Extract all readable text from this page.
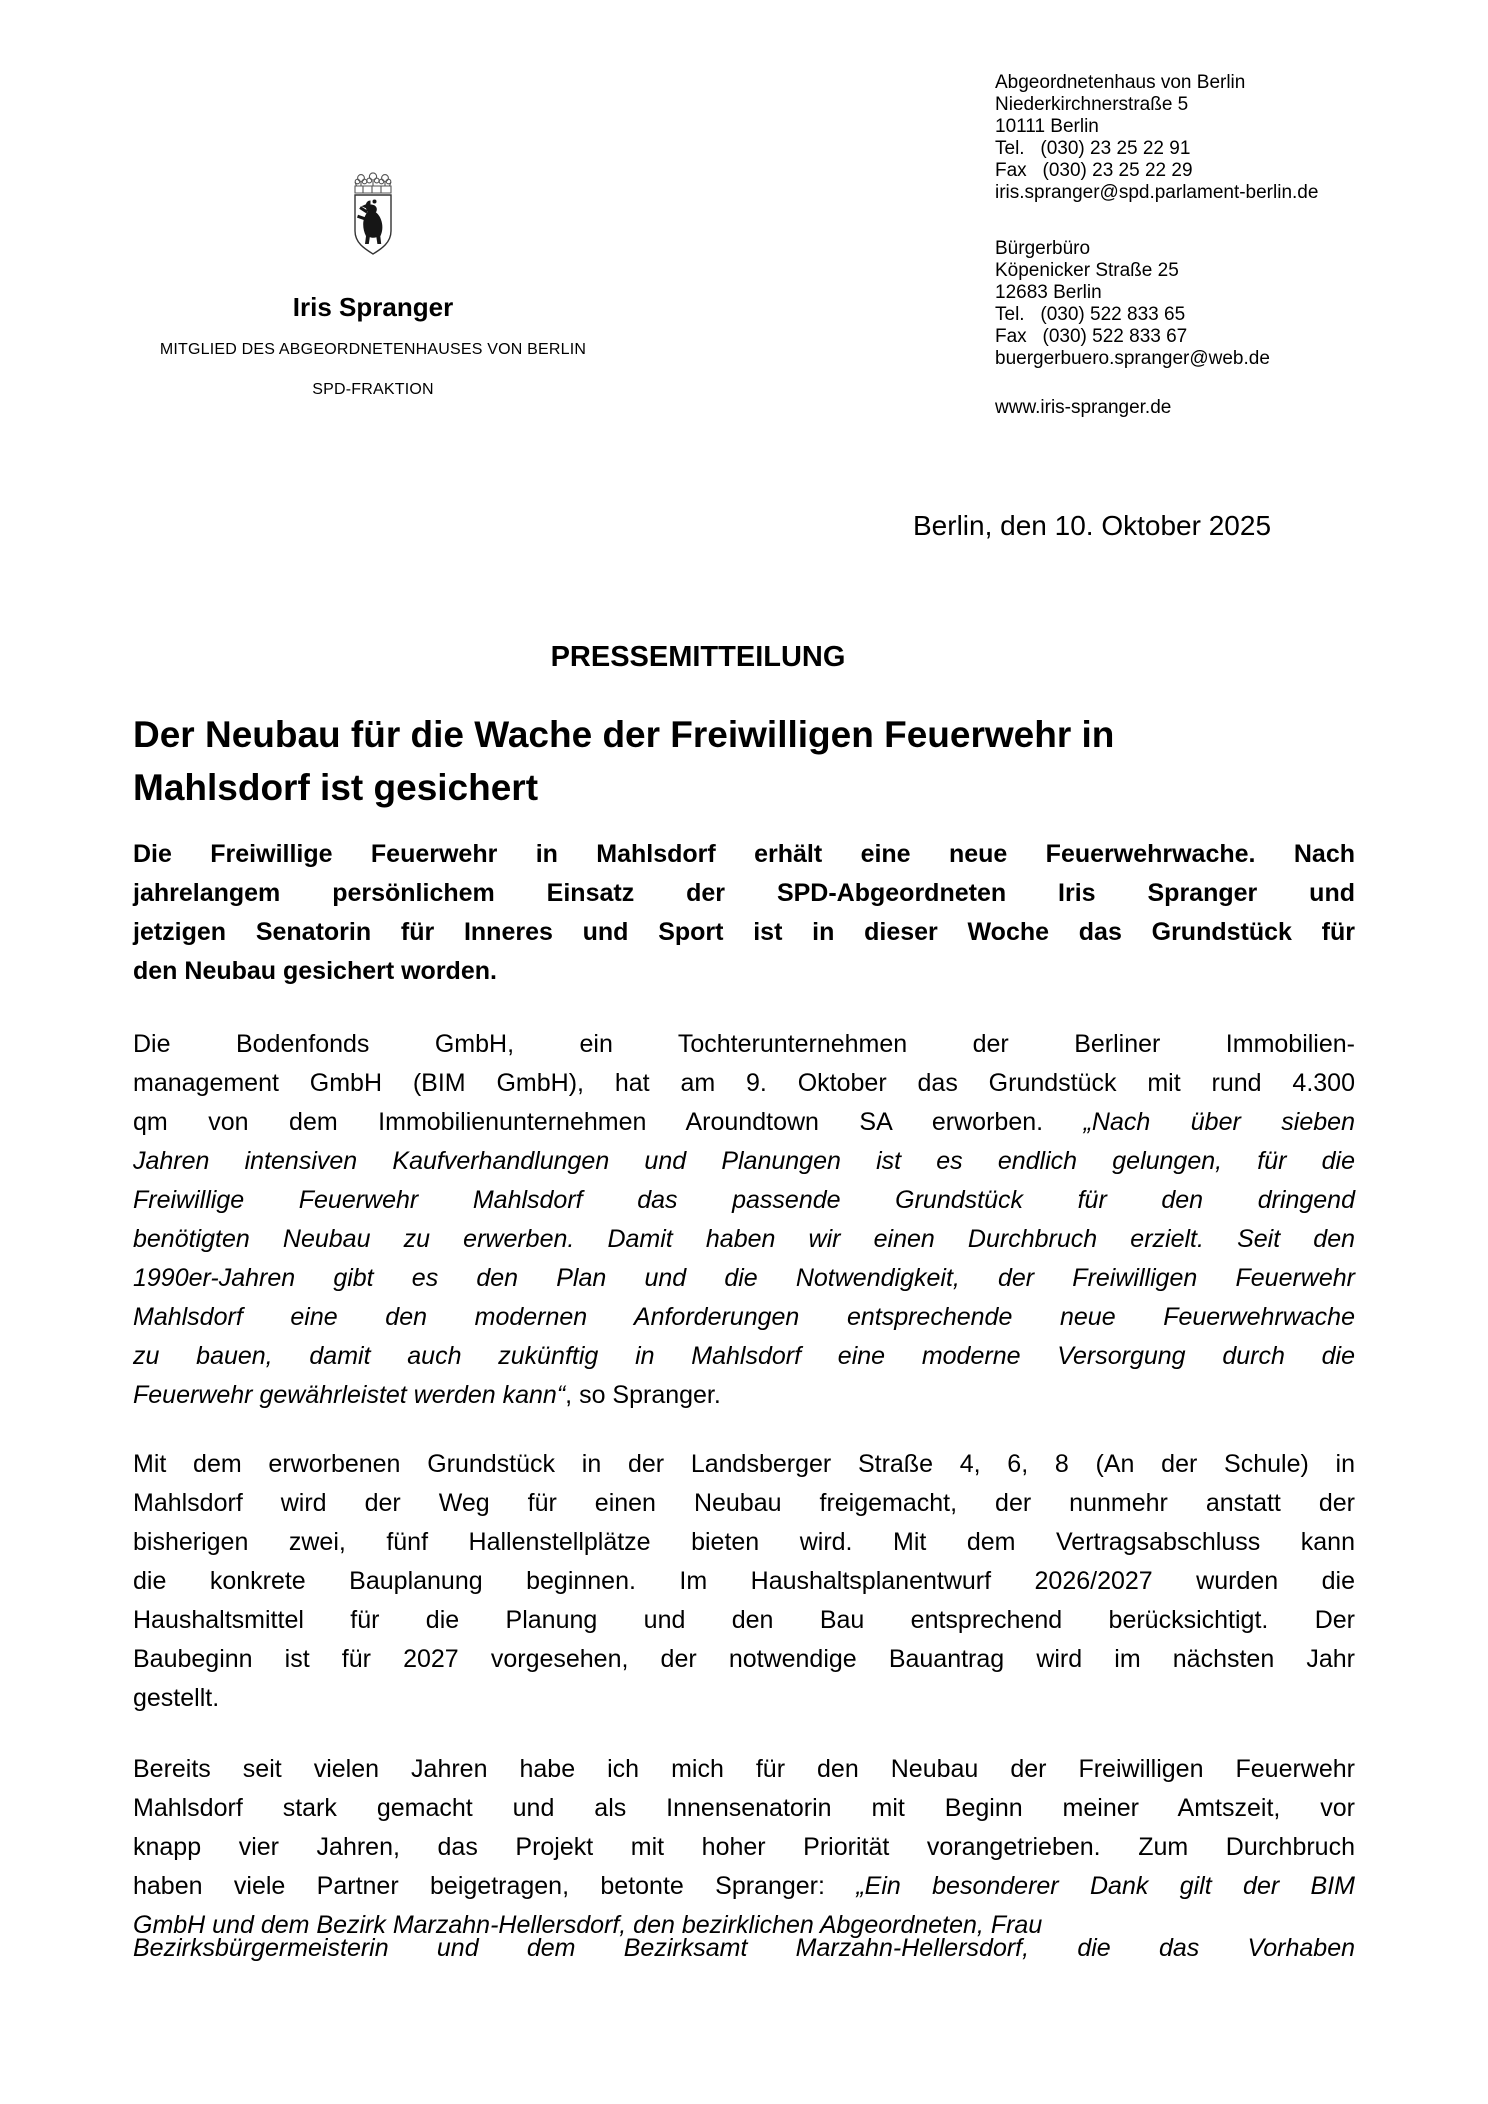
Iris Spranger
MITGLIED DES ABGEORDNETENHAUSES VON BERLIN
SPD-FRAKTION
Abgeordnetenhaus von Berlin
Niederkirchnerstraße 5
10111 Berlin
Tel.   (030) 23 25 22 91
Fax   (030) 23 25 22 29
iris.spranger@spd.parlament-berlin.de
Bürgerbüro
Köpenicker Straße 25
12683 Berlin
Tel.   (030) 522 833 65
Fax   (030) 522 833 67
buergerbuero.spranger@web.de
www.iris-spranger.de
Berlin, den 10. Oktober 2025
PRESSEMITTEILUNG
Der Neubau für die Wache der Freiwilligen Feuerwehr in
Mahlsdorf ist gesichert
Die Freiwillige Feuerwehr in Mahlsdorf erhält eine neue Feuerwehrwache. Nach
jahrelangem persönlichem Einsatz der SPD-Abgeordneten Iris Spranger und
jetzigen Senatorin für Inneres und Sport ist in dieser Woche das Grundstück für
den Neubau gesichert worden.
Die Bodenfonds GmbH, ein Tochterunternehmen der Berliner Immobilien-
management GmbH (BIM GmbH), hat am 9. Oktober das Grundstück mit rund 4.300
qm von dem Immobilienunternehmen Aroundtown SA erworben. „Nach über sieben
Jahren intensiven Kaufverhandlungen und Planungen ist es endlich gelungen, für die
Freiwillige Feuerwehr Mahlsdorf das passende Grundstück für den dringend
benötigten Neubau zu erwerben. Damit haben wir einen Durchbruch erzielt. Seit den
1990er-Jahren gibt es den Plan und die Notwendigkeit, der Freiwilligen Feuerwehr
Mahlsdorf eine den modernen Anforderungen entsprechende neue Feuerwehrwache
zu bauen, damit auch zukünftig in Mahlsdorf eine moderne Versorgung durch die
Feuerwehr gewährleistet werden kann“, so Spranger.
Mit dem erworbenen Grundstück in der Landsberger Straße 4, 6, 8 (An der Schule) in
Mahlsdorf wird der Weg für einen Neubau freigemacht, der nunmehr anstatt der
bisherigen zwei, fünf Hallenstellplätze bieten wird. Mit dem Vertragsabschluss kann
die konkrete Bauplanung beginnen. Im Haushaltsplanentwurf 2026/2027 wurden die
Haushaltsmittel für die Planung und den Bau entsprechend berücksichtigt. Der
Baubeginn ist für 2027 vorgesehen, der notwendige Bauantrag wird im nächsten Jahr
gestellt.
Bereits seit vielen Jahren habe ich mich für den Neubau der Freiwilligen Feuerwehr
Mahlsdorf stark gemacht und als Innensenatorin mit Beginn meiner Amtszeit, vor
knapp vier Jahren, das Projekt mit hoher Priorität vorangetrieben. Zum Durchbruch
haben viele Partner beigetragen, betonte Spranger: „Ein besonderer Dank gilt der BIM
GmbH und dem Bezirk Marzahn-Hellersdorf, den bezirklichen Abgeordneten, Frau
Bezirksbürgermeisterin und dem Bezirksamt Marzahn-Hellersdorf, die das Vorhaben
